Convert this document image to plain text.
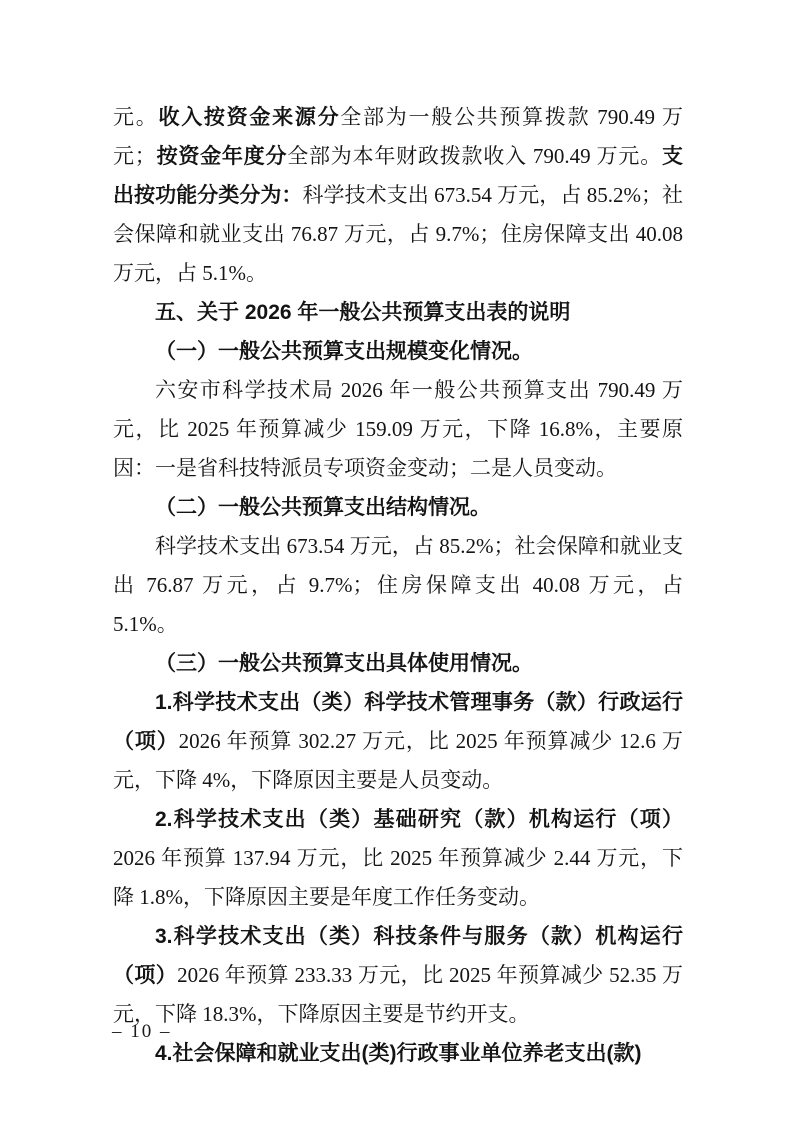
元。收入按资金来源分全部为一般公共预算拨款 790.49 万元；按资金年度分全部为本年财政拨款收入 790.49 万元。支出按功能分类分为：科学技术支出 673.54 万元，占 85.2%；社会保障和就业支出 76.87 万元，占 9.7%；住房保障支出 40.08 万元，占 5.1%。

五、关于 2026 年一般公共预算支出表的说明

（一）一般公共预算支出规模变化情况。

六安市科学技术局 2026 年一般公共预算支出 790.49 万元，比 2025 年预算减少 159.09 万元，下降 16.8%，主要原因：一是省科技特派员专项资金变动；二是人员变动。

（二）一般公共预算支出结构情况。

科学技术支出 673.54 万元，占 85.2%；社会保障和就业支出 76.87 万元，占 9.7%；住房保障支出 40.08 万元，占 5.1%。

（三）一般公共预算支出具体使用情况。

1.科学技术支出（类）科学技术管理事务（款）行政运行（项）2026 年预算 302.27 万元，比 2025 年预算减少 12.6 万元，下降 4%，下降原因主要是人员变动。

2.科学技术支出（类）基础研究（款）机构运行（项）2026 年预算 137.94 万元，比 2025 年预算减少 2.44 万元，下降 1.8%，下降原因主要是年度工作任务变动。

3.科学技术支出（类）科技条件与服务（款）机构运行（项）2026 年预算 233.33 万元，比 2025 年预算减少 52.35 万元，下降 18.3%，下降原因主要是节约开支。

4.社会保障和就业支出(类)行政事业单位养老支出(款)

– 10 –
